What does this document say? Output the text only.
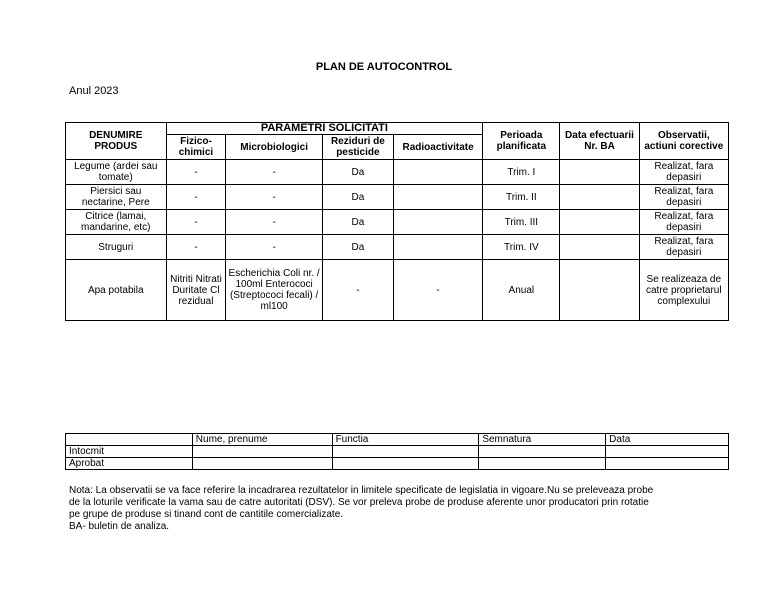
PLAN DE AUTOCONTROL
Anul 2023
DENUMIRE PRODUS	PARAMETRI SOLICITATI				Perioada planificata	Data efectuarii Nr. BA	Observatii, actiuni corective
	Fizico-chimici	Microbiologici	Reziduri de pesticide	Radioactivitate			
Legume (ardei sau tomate)	-	-	Da		Trim. I		Realizat, fara depasiri
Piersici sau nectarine, Pere	-	-	Da		Trim. II		Realizat, fara depasiri
Citrice (lamai, mandarine, etc)	-	-	Da		Trim. III		Realizat, fara depasiri
Struguri	-	-	Da		Trim. IV		Realizat, fara depasiri
Apa potabila	Nitriti Nitrati Duritate Cl rezidual	Escherichia Coli nr. / 100ml Enterococi (Streptococi fecali) / ml100	-	-	Anual		Se realizeaza de catre proprietarul complexului
	Nume, prenume	Functia	Semnatura	Data
Intocmit				
Aprobat				

Nota: La observatii se va face referire la incadrarea rezultatelor in limitele specificate de legislatia in vigoare.Nu se preleveaza probe

de la loturile verificate la vama sau de catre autoritati (DSV). Se vor preleva probe de produse aferente unor producatori prin rotatie

pe grupe de produse si tinand cont de cantitile comercializate.

BA- buletin de analiza.
